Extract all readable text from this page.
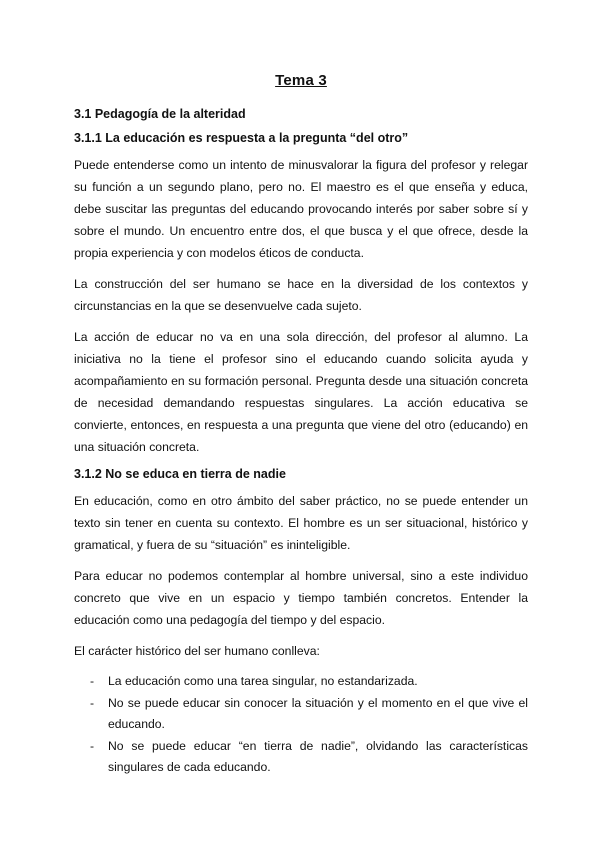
Tema 3
3.1 Pedagogía de la alteridad
3.1.1 La educación es respuesta a la pregunta “del otro”

Puede entenderse como un intento de minusvalorar la figura del profesor y relegar su función a un segundo plano, pero no. El maestro es el que enseña y educa, debe suscitar las preguntas del educando provocando interés por saber sobre sí y sobre el mundo. Un encuentro entre dos, el que busca y el que ofrece, desde la propia experiencia y con modelos éticos de conducta.

La construcción del ser humano se hace en la diversidad de los contextos y circunstancias en la que se desenvuelve cada sujeto.

La acción de educar no va en una sola dirección, del profesor al alumno. La iniciativa no la tiene el profesor sino el educando cuando solicita ayuda y acompañamiento en su formación personal. Pregunta desde una situación concreta de necesidad demandando respuestas singulares. La acción educativa se convierte, entonces, en respuesta a una pregunta que viene del otro (educando) en una situación concreta.

3.1.2 No se educa en tierra de nadie

En educación, como en otro ámbito del saber práctico, no se puede entender un texto sin tener en cuenta su contexto. El hombre es un ser situacional, histórico y gramatical, y fuera de su “situación” es ininteligible.

Para educar no podemos contemplar al hombre universal, sino a este individuo concreto que vive en un espacio y tiempo también concretos. Entender la educación como una pedagogía del tiempo y del espacio.

El carácter histórico del ser humano conlleva:

- La educación como una tarea singular, no estandarizada.
- No se puede educar sin conocer la situación y el momento en el que vive el educando.
- No se puede educar “en tierra de nadie”, olvidando las características singulares de cada educando.
